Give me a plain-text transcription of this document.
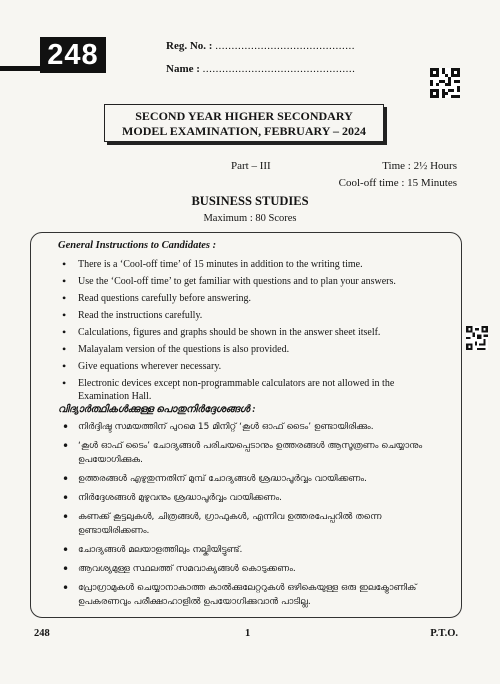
248	Reg. No. : ...........................................
Name : ...............................................
SECOND YEAR HIGHER SECONDARY
MODEL EXAMINATION, FEBRUARY – 2024
Part – III	Time : 2½ Hours
Cool-off time : 15 Minutes
BUSINESS STUDIES
Maximum : 80 Scores
General Instructions to Candidates :
• There is a ‘Cool-off time’ of 15 minutes in addition to the writing time.
• Use the ‘Cool-off time’ to get familiar with questions and to plan your answers.
• Read questions carefully before answering.
• Read the instructions carefully.
• Calculations, figures and graphs should be shown in the answer sheet itself.
• Malayalam version of the questions is also provided.
• Give equations wherever necessary.
• Electronic devices except non-programmable calculators are not allowed in the Examination Hall.
വിദ്യാർത്ഥികൾക്കുള്ള പൊതുനിർദ്ദേശങ്ങൾ :
• നിർദ്ദിഷ്ട സമയത്തിന് പുറമെ 15 മിനിറ്റ് ‘കൂൾ ഓഫ് ടൈം’ ഉണ്ടായിരിക്കും.
• ‘കൂൾ ഓഫ് ടൈം’ ചോദ്യങ്ങൾ പരിചയപ്പെടാനും ഉത്തരങ്ങൾ ആസൂത്രണം ചെയ്യാനും ഉപയോഗിക്കുക.
• ഉത്തരങ്ങൾ എഴുതുന്നതിന് മുമ്പ് ചോദ്യങ്ങൾ ശ്രദ്ധാപൂർവ്വം വായിക്കണം.
• നിർദ്ദേശങ്ങൾ മുഴുവനും ശ്രദ്ധാപൂർവ്വം വായിക്കണം.
• കണക്ക് കൂട്ടലുകൾ, ചിത്രങ്ങൾ, ഗ്രാഫുകൾ, എന്നിവ ഉത്തരപേപ്പറിൽ തന്നെ ഉണ്ടായിരിക്കണം.
• ചോദ്യങ്ങൾ മലയാളത്തിലും നല്കിയിട്ടുണ്ട്.
• ആവശ്യമുള്ള സ്ഥലത്ത് സമവാക്യങ്ങൾ കൊടുക്കണം.
• പ്രോഗ്രാമുകൾ ചെയ്യാനാകാത്ത കാൽക്കുലേറ്ററുകൾ ഒഴികെയുള്ള ഒരു ഇലക്ട്രോണിക് ഉപകരണവും പരീക്ഷാഹാളിൽ ഉപയോഗിക്കുവാൻ പാടില്ല.
248	1	P.T.O.
